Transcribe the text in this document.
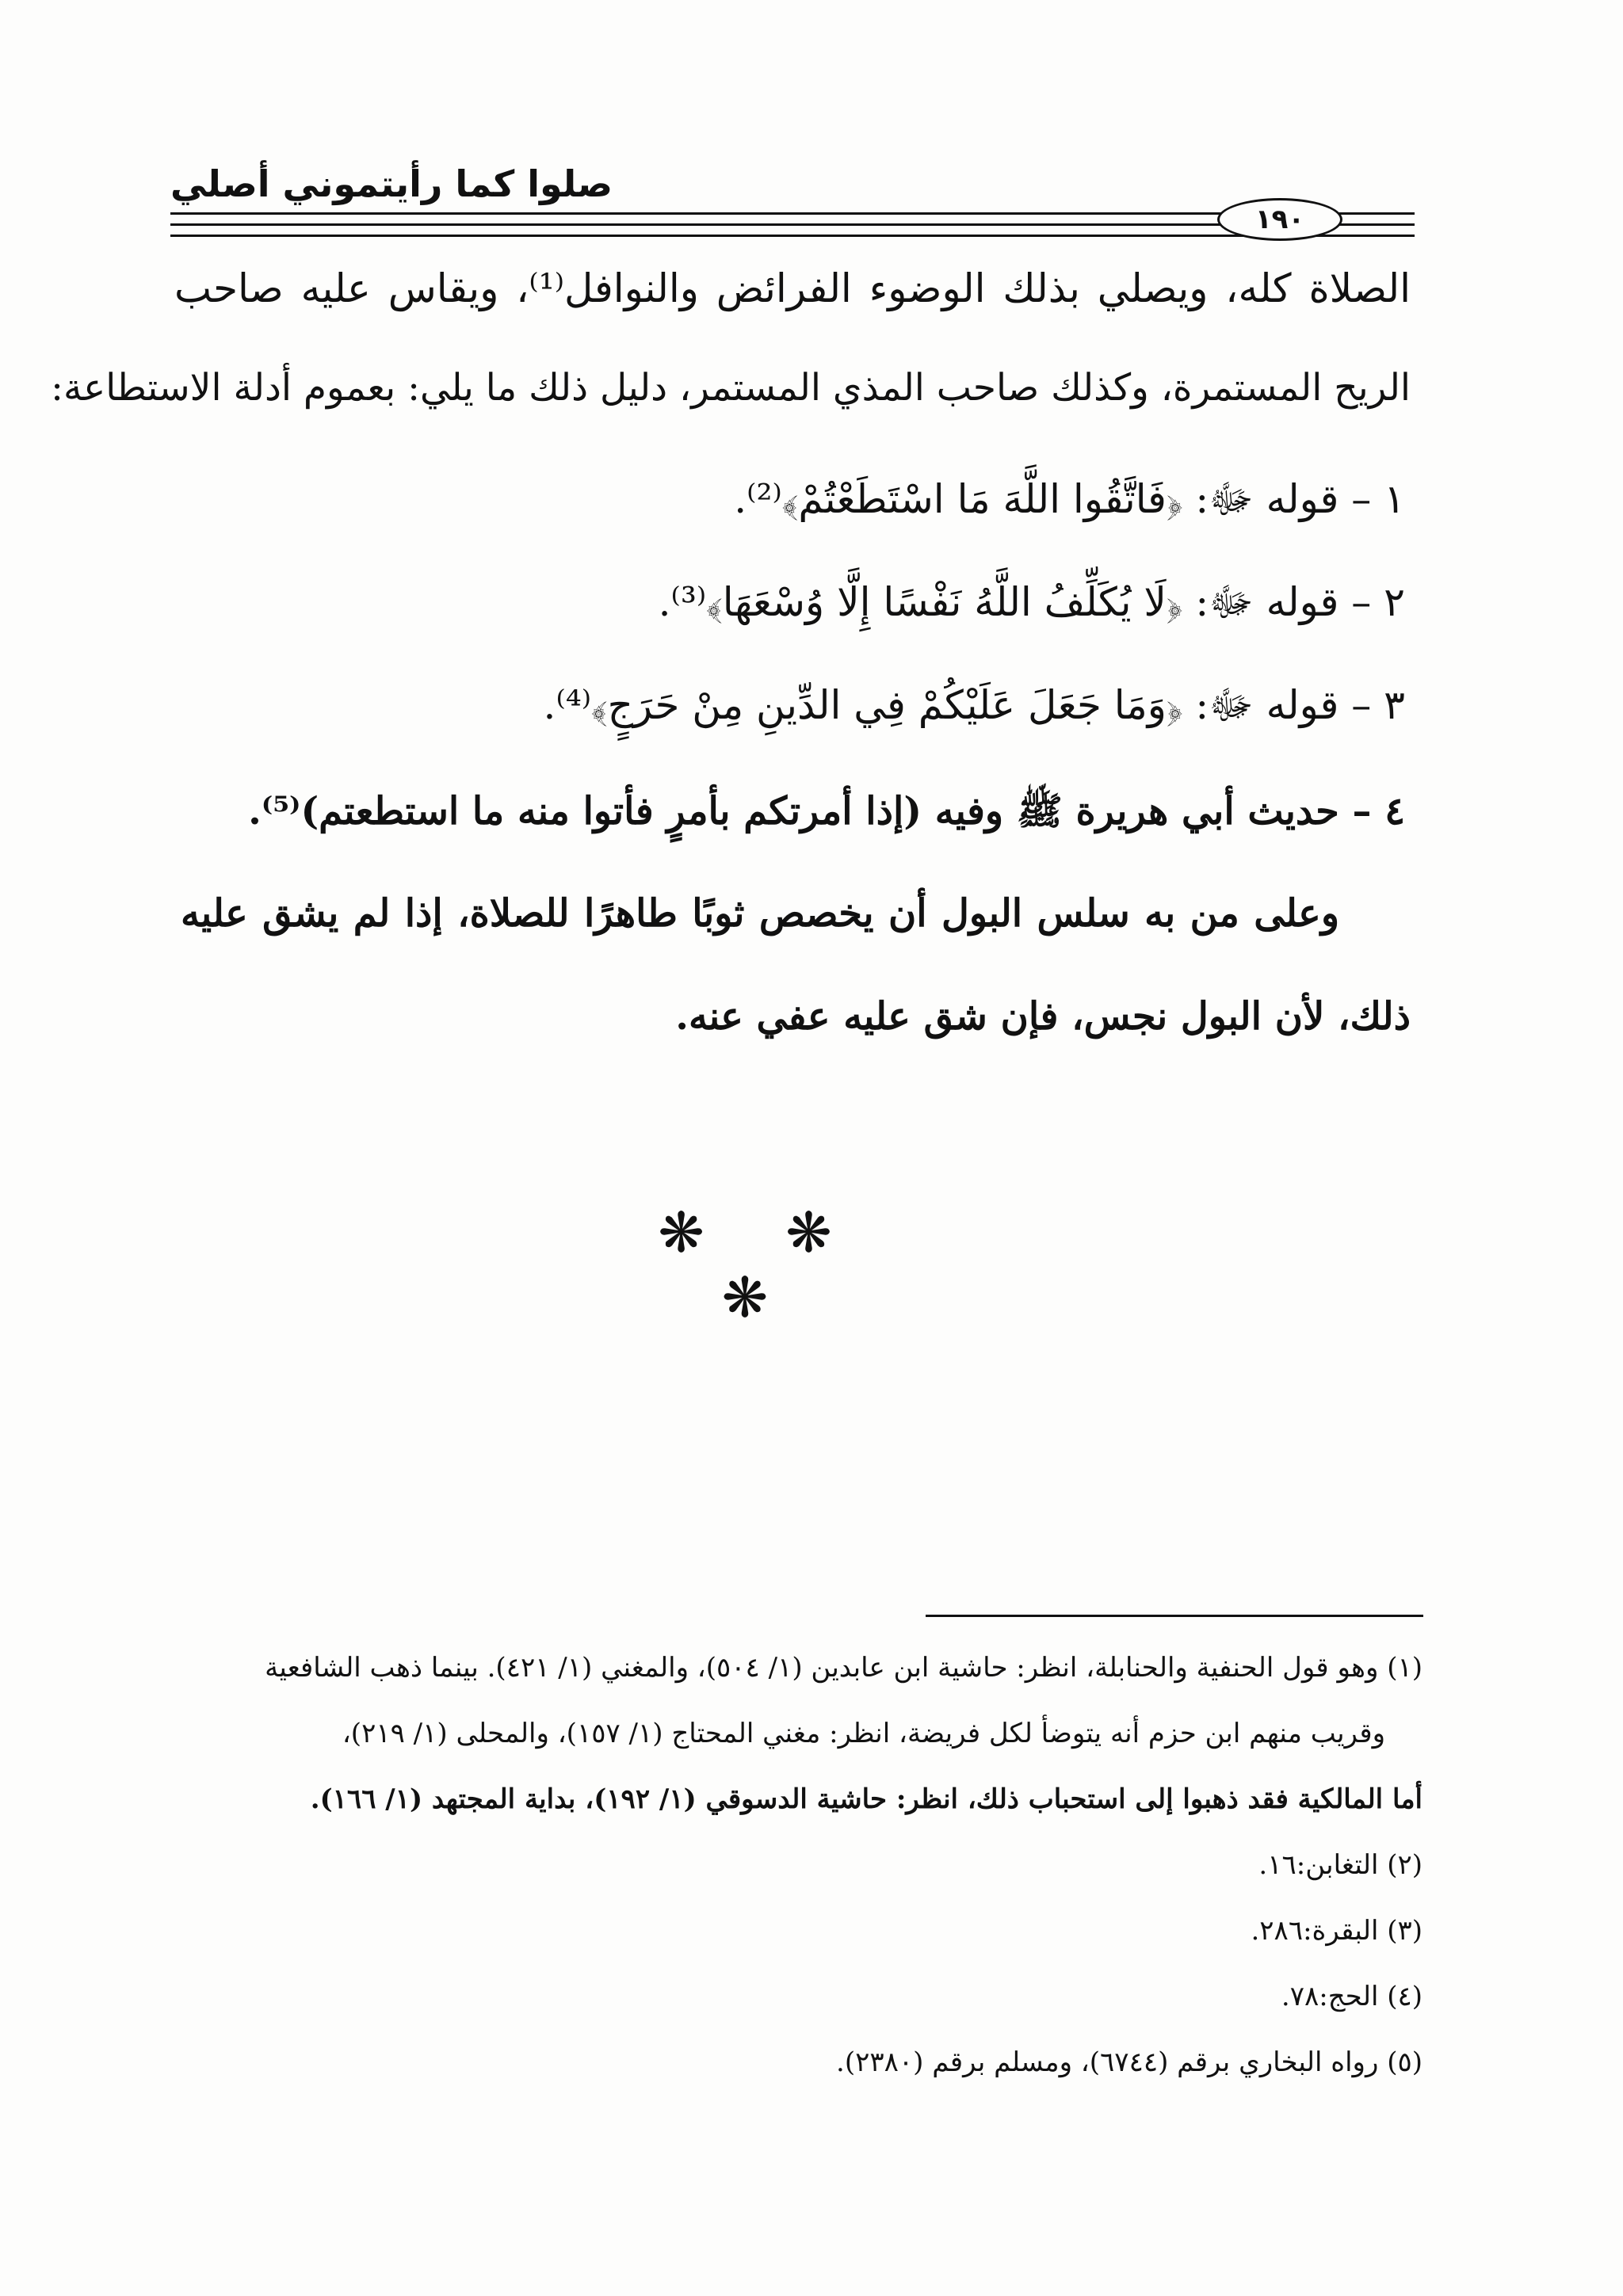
صلوا كما رأيتموني أصلي
١٩٠
الصلاة كله، ويصلي بذلك الوضوء الفرائض والنوافل⁽¹⁾، ويقاس عليه صاحب
الريح المستمرة، وكذلك صاحب المذي المستمر، دليل ذلك ما يلي: بعموم أدلة الاستطاعة:
١ – قوله ﷻ: ﴿فَاتَّقُوا اللَّهَ مَا اسْتَطَعْتُمْ﴾⁽²⁾.
٢ – قوله ﷻ: ﴿لَا يُكَلِّفُ اللَّهُ نَفْسًا إِلَّا وُسْعَهَا﴾⁽³⁾.
٣ – قوله ﷻ: ﴿وَمَا جَعَلَ عَلَيْكُمْ فِي الدِّينِ مِنْ حَرَجٍ﴾⁽⁴⁾.
٤ – حديث أبي هريرة ﷺ وفيه (إذا أمرتكم بأمرٍ فأتوا منه ما استطعتم)⁽⁵⁾.
وعلى من به سلس البول أن يخصص ثوبًا طاهرًا للصلاة، إذا لم يشق عليه
ذلك، لأن البول نجس، فإن شق عليه عفي عنه.
❋ ❋ ❋
(١) وهو قول الحنفية والحنابلة، انظر: حاشية ابن عابدين (١/ ٥٠٤)، والمغني (١/ ٤٢١). بينما ذهب الشافعية
وقريب منهم ابن حزم أنه يتوضأ لكل فريضة، انظر: مغني المحتاج (١/ ١٥٧)، والمحلى (١/ ٢١٩)،
أما المالكية فقد ذهبوا إلى استحباب ذلك، انظر: حاشية الدسوقي (١/ ١٩٢)، بداية المجتهد (١/ ١٦٦).
(٢) التغابن:١٦.
(٣) البقرة:٢٨٦.
(٤) الحج:٧٨.
(٥) رواه البخاري برقم (٦٧٤٤)، ومسلم برقم (٢٣٨٠).
